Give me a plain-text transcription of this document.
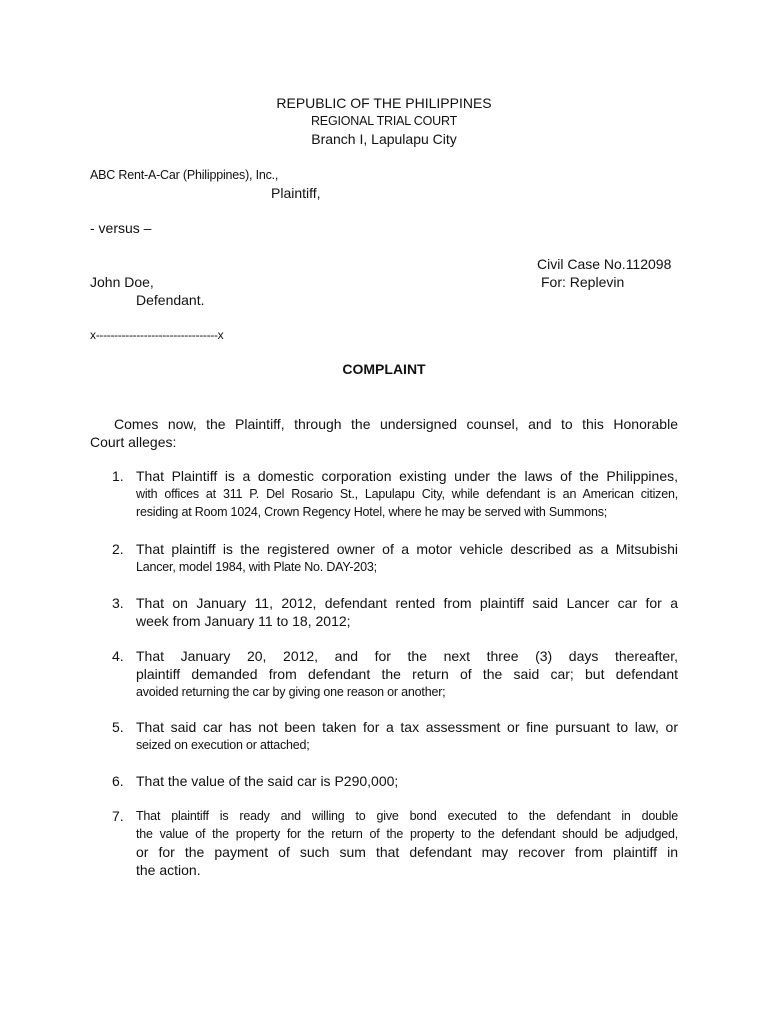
REPUBLIC OF THE PHILIPPINES
REGIONAL TRIAL COURT
Branch I, Lapulapu City
ABC Rent-A-Car (Philippines), Inc.,
Plaintiff,
- versus –
Civil Case No.112098
John Doe,	For: Replevin
Defendant.
x---------------------------------x
COMPLAINT
Comes now, the Plaintiff, through the undersigned counsel, and to this Honorable
Court alleges:
1. That Plaintiff is a domestic corporation existing under the laws of the Philippines,
with offices at 311 P. Del Rosario St., Lapulapu City, while defendant is an American citizen,
residing at Room 1024, Crown Regency Hotel, where he may be served with Summons;
2. That plaintiff is the registered owner of a motor vehicle described as a Mitsubishi
Lancer, model 1984, with Plate No. DAY-203;
3. That on January 11, 2012, defendant rented from plaintiff said Lancer car for a
week from January 11 to 18, 2012;
4. That January 20, 2012, and for the next three (3) days thereafter,
plaintiff demanded from defendant the return of the said car; but defendant
avoided returning the car by giving one reason or another;
5. That said car has not been taken for a tax assessment or fine pursuant to law, or
seized on execution or attached;
6. That the value of the said car is P290,000;
7. That plaintiff is ready and willing to give bond executed to the defendant in double
the value of the property for the return of the property to the defendant should be adjudged,
or for the payment of such sum that defendant may recover from plaintiff in
the action.
